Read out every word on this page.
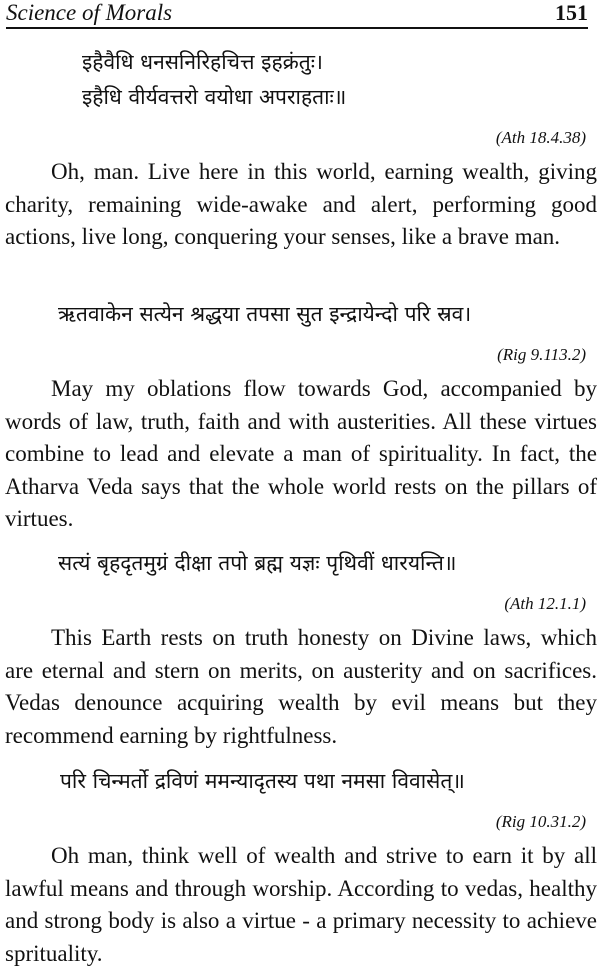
Science of Morals	151
इहैवैधि धनसनिरिहचित्त इहक्रंतुः।
इहैधि वीर्यवत्तरो वयोधा अपराहताः॥
(Ath 18.4.38)
Oh, man. Live here in this world, earning wealth, giving charity, remaining wide-awake and alert, performing good actions, live long, conquering your senses, like a brave man.
ऋतवाकेन सत्येन श्रद्धया तपसा सुत इन्द्रायेन्दो परि स्रव।
(Rig 9.113.2)
May my oblations flow towards God, accompanied by words of law, truth, faith and with austerities. All these virtues combine to lead and elevate a man of spirituality. In fact, the Atharva Veda says that the whole world rests on the pillars of virtues.
सत्यं बृहदृतमुग्रं दीक्षा तपो ब्रह्म यज्ञः पृथिवीं धारयन्ति॥
(Ath 12.1.1)
This Earth rests on truth honesty on Divine laws, which are eternal and stern on merits, on austerity and on sacrifices. Vedas denounce acquiring wealth by evil means but they recommend earning by rightfulness.
परि चिन्मर्तो द्रविणं ममन्यादृतस्य पथा नमसा विवासेत्॥
(Rig 10.31.2)
Oh man, think well of wealth and strive to earn it by all lawful means and through worship. According to vedas, healthy and strong body is also a virtue - a primary necessity to achieve sprituality.
